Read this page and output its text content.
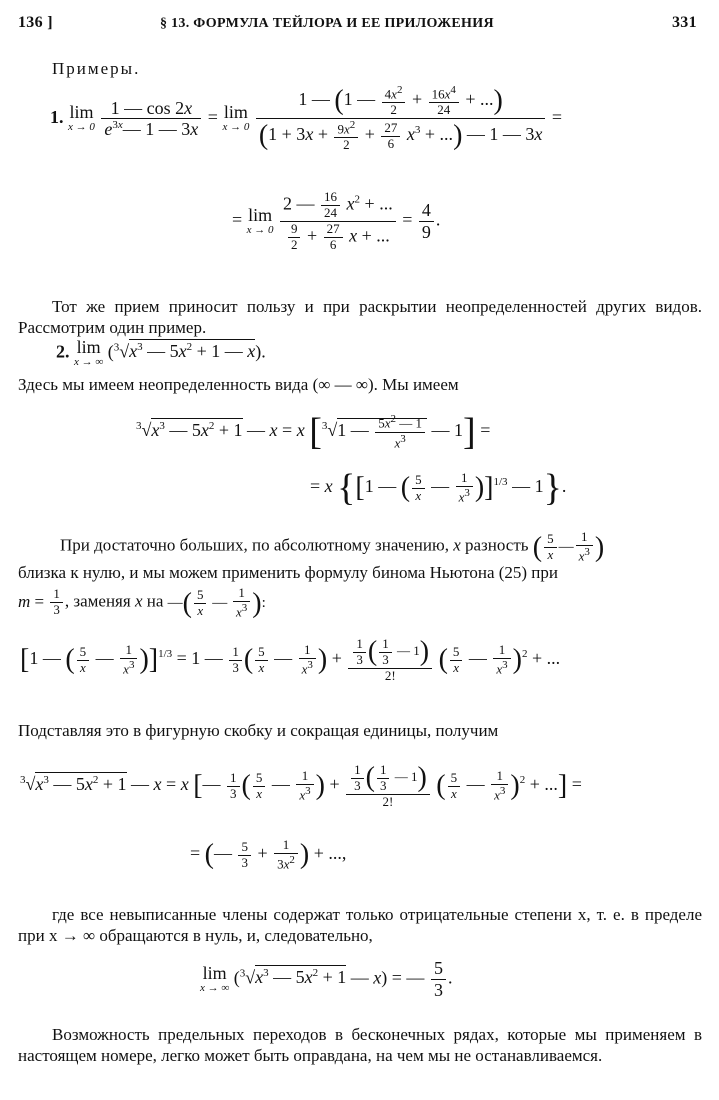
136 ]	§ 13. ФОРМУЛА ТЕЙЛОРА И ЕЕ ПРИЛОЖЕНИЯ	331
Примеры.
1. lim
x → 0
$\frac{1 — \cos 2x}{e^{3x}— 1 — 3x} = \lim$
x → 0
$\frac{1 — (1 — \frac{4x^2}{2} + \frac{16x^4}{24} + ...)}{(1 + 3x + \frac{9x^2}{2} + \frac{27}{6} x^3 + ...) — 1 — 3x}$ =
= lim
x → 0
$\frac{2 — \frac{16}{24} x^2 + ...}{\frac{9}{2} + \frac{27}{6} x + ...} = \frac{4}{9}$ .
Тот же прием приносит пользу и при раскрытии неопределенностей других видов. Рассмотрим один пример.
2. lim
x → ∞
($^3√x^3$ — $5x^2 + 1$ — x).
Здесь мы имеем неопределенность вида (∞ — ∞). Мы имеем
$^3√x^3$ — $5x^2 + 1$ — x = x [$^3$√1 — $\frac{5x^2 — 1}{x^3}$ — 1] =
= x {[1 — ( $\frac{5}{x}$ — $\frac{1}{x^3} )]^{1/3}$ — 1}.
При достаточно больших, по абсолютному значению, x разность ( $\frac{5}{x}$ — $\frac{1}{x^3}$ )
близка к нулю, и мы можем применить формулу бинома Ньютона (25) при
$m = \frac{1}{3}$ , заменяя x на —( $\frac{5}{x}$ — $\frac{1}{x^3}$ ):
[1 — ( $\frac{5}{x}$ — $\frac{1}{x^3} )]^{1/3} = 1$ — $\frac{1}{3}$ ( $\frac{5}{x}$ — $\frac{1}{x^3}$ ) + $\frac{\frac{1}{3} ( \frac{1}{3} — 1)}{2!}$ ( $\frac{5}{x}$ — $\frac{1}{x^3} )^2$ + ...
Подставляя это в фигурную скобку и сокращая единицы, получим
$^3√x^3$ — $5x^2 + 1$ — x = x [— $\frac{1}{3}$ ( $\frac{5}{x}$ — $\frac{1}{x^3}$ ) + $\frac{\frac{1}{3} ( \frac{1}{3} — 1)}{2!}$ ( $\frac{5}{x}$ — $\frac{1}{x^3} )^2$ + ...] =
= (— $\frac{5}{3} + \frac{1}{3x^2}$ ) + ...,
где все невыписанные члены содержат только отрицательные степени x, т. е. в пределе при x → ∞ обращаются в нуль, и, следовательно,
lim
x → ∞
($^3√x^3$ — $5x^2 + 1$ — x) = — $\frac{5}{3}$ .
Возможность предельных переходов в бесконечных рядах, которые мы применяем в настоящем номере, легко может быть оправдана, на чем мы не останавливаемся.
